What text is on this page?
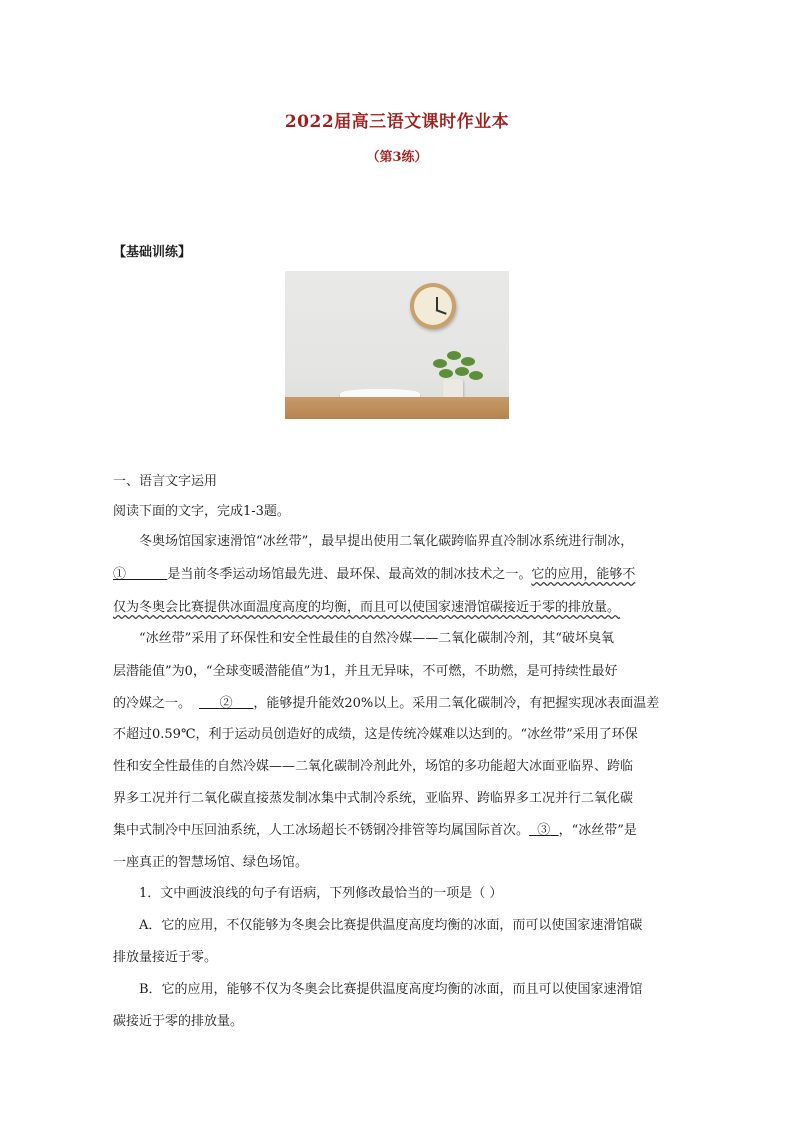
2022届高三语文课时作业本
（第3练）
【基础训练】
一、语言文字运用
阅读下面的文字，完成1-3题。
冬奥场馆国家速滑馆“冰丝带”，最早提出使用二氧化碳跨临界直冷制冰系统进行制冰，
①	是当前冬季运动场馆最先进、最环保、最高效的制冰技术之一。它的应用，能够不
仅为冬奥会比赛提供冰面温度高度的均衡，而且可以使国家速滑馆碳接近于零的排放量。
“冰丝带”采用了环保性和安全性最佳的自然冷媒——二氧化碳制冷剂，其“破坏臭氧
层潜能值”为0，“全球变暖潜能值”为1，并且无异味，不可燃，不助燃，是可持续性最好
的冷媒之一。	② ，能够提升能效20%以上。采用二氧化碳制冷，有把握实现冰表面温差
不超过0.59℃，利于运动员创造好的成绩，这是传统冷媒难以达到的。“冰丝带”采用了环保
性和安全性最佳的自然冷媒——二氧化碳制冷剂此外，场馆的多功能超大冰面亚临界、跨临
界多工况并行二氧化碳直接蒸发制冰集中式制冷系统，亚临界、跨临界多工况并行二氧化碳
集中式制冷中压回油系统，人工冰场超长不锈钢冷排管等均属国际首次。 ③ ，“冰丝带”是
一座真正的智慧场馆、绿色场馆。
1．文中画波浪线的句子有语病，下列修改最恰当的一项是（ ）
A．它的应用，不仅能够为冬奥会比赛提供温度高度均衡的冰面，而可以使国家速滑馆碳
排放量接近于零。
B．它的应用，能够不仅为冬奥会比赛提供温度高度均衡的冰面，而且可以使国家速滑馆
碳接近于零的排放量。
